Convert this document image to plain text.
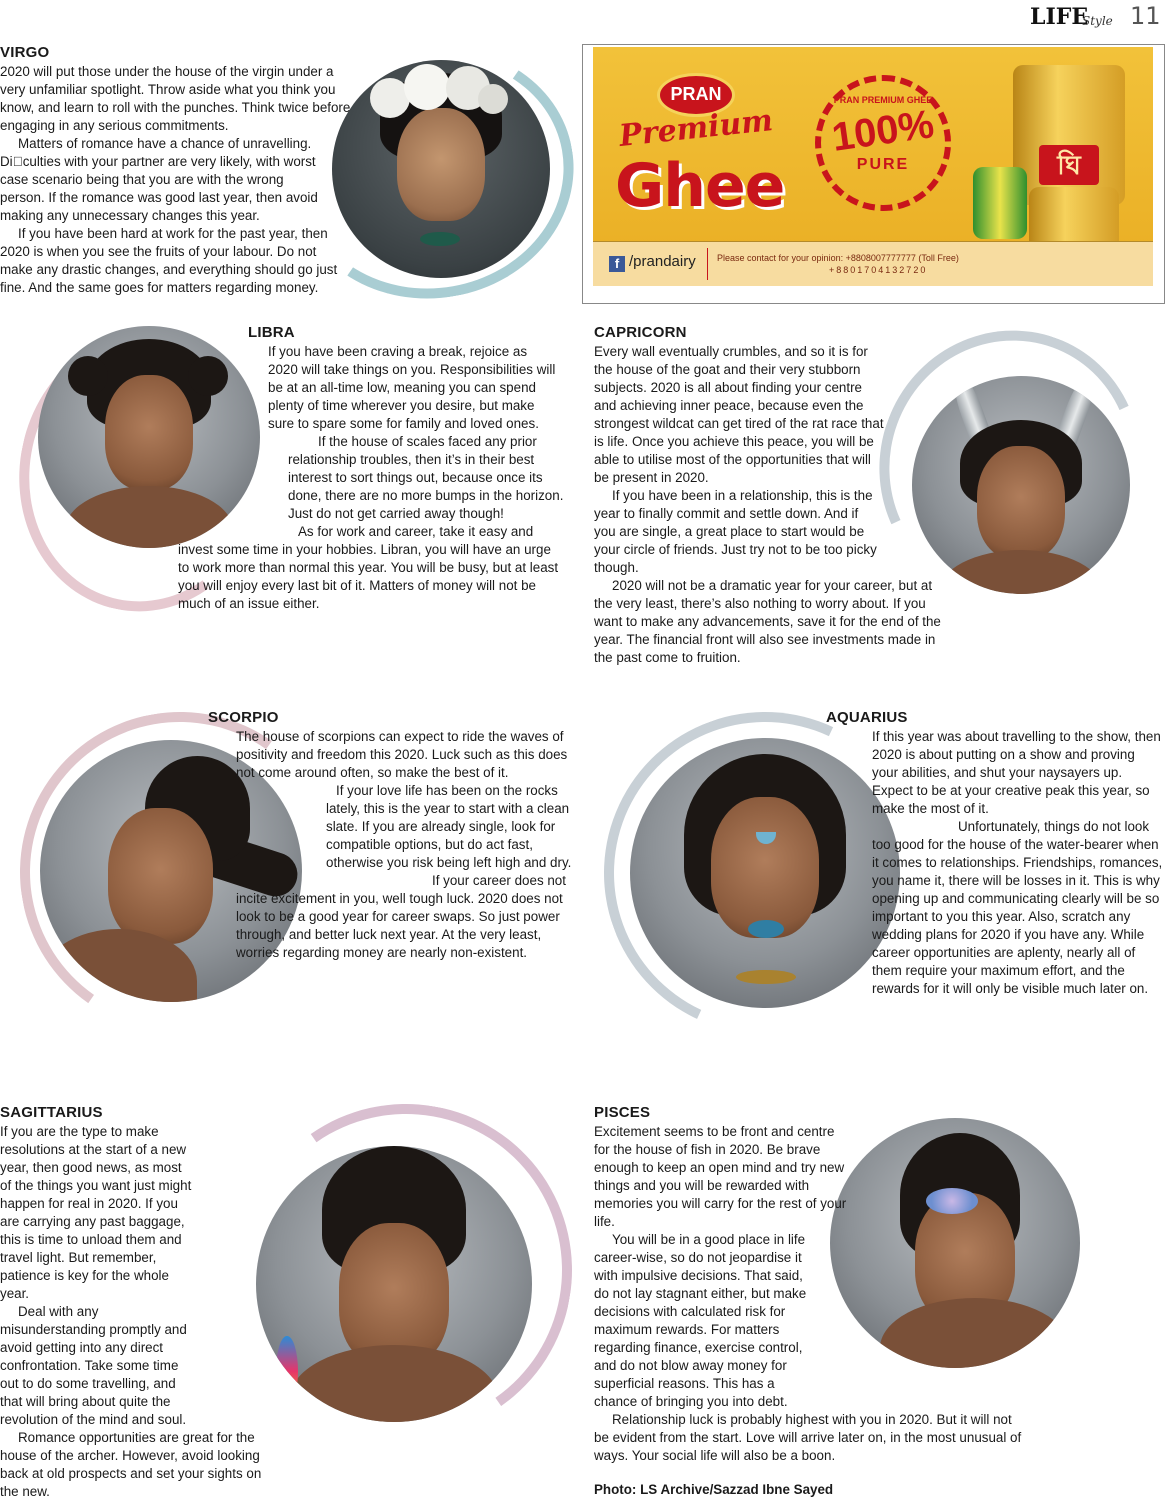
LIFE
Style 11
VIRGO

2020 will put those under the house of the virgin under a very unfamiliar spotlight. Throw aside what you think you know, and learn to roll with the punches. Think twice before engaging in any serious commitments.

Matters of romance have a chance of unravelling. Di culties with your partner are very likely, with worst case scenario being that you are with the wrong person. If the romance was good last year, then avoid making any unnecessary changes this year.

If you have been hard at work for the past year, then 2020 is when you see the fruits of your labour. Do not make any drastic changes, and everything should go just fine. And the same goes for matters regarding money.

PRAN
Premium
Ghee
PRAN PREMIUM GHEE
100%
PURE	ঘি
f /prandairy Please contact for your opinion: +8808007777777 (Toll Free)
+8801704132720
LIBRA

If you have been craving a break, rejoice as 2020 will take things on you. Responsibilities will be at an all-time low, meaning you can spend plenty of time wherever you desire, but make sure to spare some for family and loved ones.

If the house of scales faced any prior relationship troubles, then it’s in their best interest to sort things out, because once its done, there are no more bumps in the horizon. Just do not get carried away though!

As for work and career, take it easy and invest some time in your hobbies. Libran, you will have an urge to work more than normal this year. You will be busy, but at least you will enjoy every last bit of it. Matters of money will not be much of an issue either.

CAPRICORN

Every wall eventually crumbles, and so it is for the house of the goat and their very stubborn subjects. 2020 is all about finding your centre and achieving inner peace, because even the strongest wildcat can get tired of the rat race that is life. Once you achieve this peace, you will be able to utilise most of the opportunities that will be present in 2020.

If you have been in a relationship, this is the year to finally commit and settle down. And if you are single, a great place to start would be your circle of friends. Just try not to be too picky though.

2020 will not be a dramatic year for your career, but at the very least, there’s also nothing to worry about. If you want to make any advancements, save it for the end of the year. The financial front will also see investments made in the past come to fruition.

SCORPIO

The house of scorpions can expect to ride the waves of positivity and freedom this 2020. Luck such as this does not come around often, so make the best of it.

If your love life has been on the rocks lately, this is the year to start with a clean slate. If you are already single, look for compatible options, but do act fast, otherwise you risk being left high and dry.

If your career does not incite excitement in you, well tough luck. 2020 does not look to be a good year for career swaps. So just power through, and better luck next year. At the very least, worries regarding money are nearly non-existent.

AQUARIUS

If this year was about travelling to the show, then 2020 is about putting on a show and proving your abilities, and shut your naysayers up. Expect to be at your creative peak this year, so make the most of it.

Unfortunately, things do not look too good for the house of the water-bearer when it comes to relationships. Friendships, romances, you name it, there will be losses in it. This is why opening up and communicating clearly will be so important to you this year. Also, scratch any wedding plans for 2020 if you have any. While career opportunities are aplenty, nearly all of them require your maximum effort, and the rewards for it will only be visible much later on.

SAGITTARIUS

If you are the type to make resolutions at the start of a new year, then good news, as most of the things you want just might happen for real in 2020. If you are carrying any past baggage, this is time to unload them and travel light. But remember, patience is key for the whole year.

Deal with any misunderstanding promptly and avoid getting into any direct confrontation. Take some time out to do some travelling, and that will bring about quite the revolution of the mind and soul.

Romance opportunities are great for the house of the archer. However, avoid looking back at old prospects and set your sights on the new.

PISCES

Excitement seems to be front and centre for the house of fish in 2020. Be brave enough to keep an open mind and try new things and you will be rewarded with memories you will carry for the rest of your life.

You will be in a good place in life career-wise, so do not jeopardise it with impulsive decisions. That said, do not lay stagnant either, but make decisions with calculated risk for maximum rewards. For matters regarding finance, exercise control, and do not blow away money for superficial reasons. This has a chance of bringing you into debt.

Relationship luck is probably highest with you in 2020. But it will not be evident from the start. Love will arrive later on, in the most unusual of ways. Your social life will also be a boon.

Photo: LS Archive/Sazzad Ibne Sayed
